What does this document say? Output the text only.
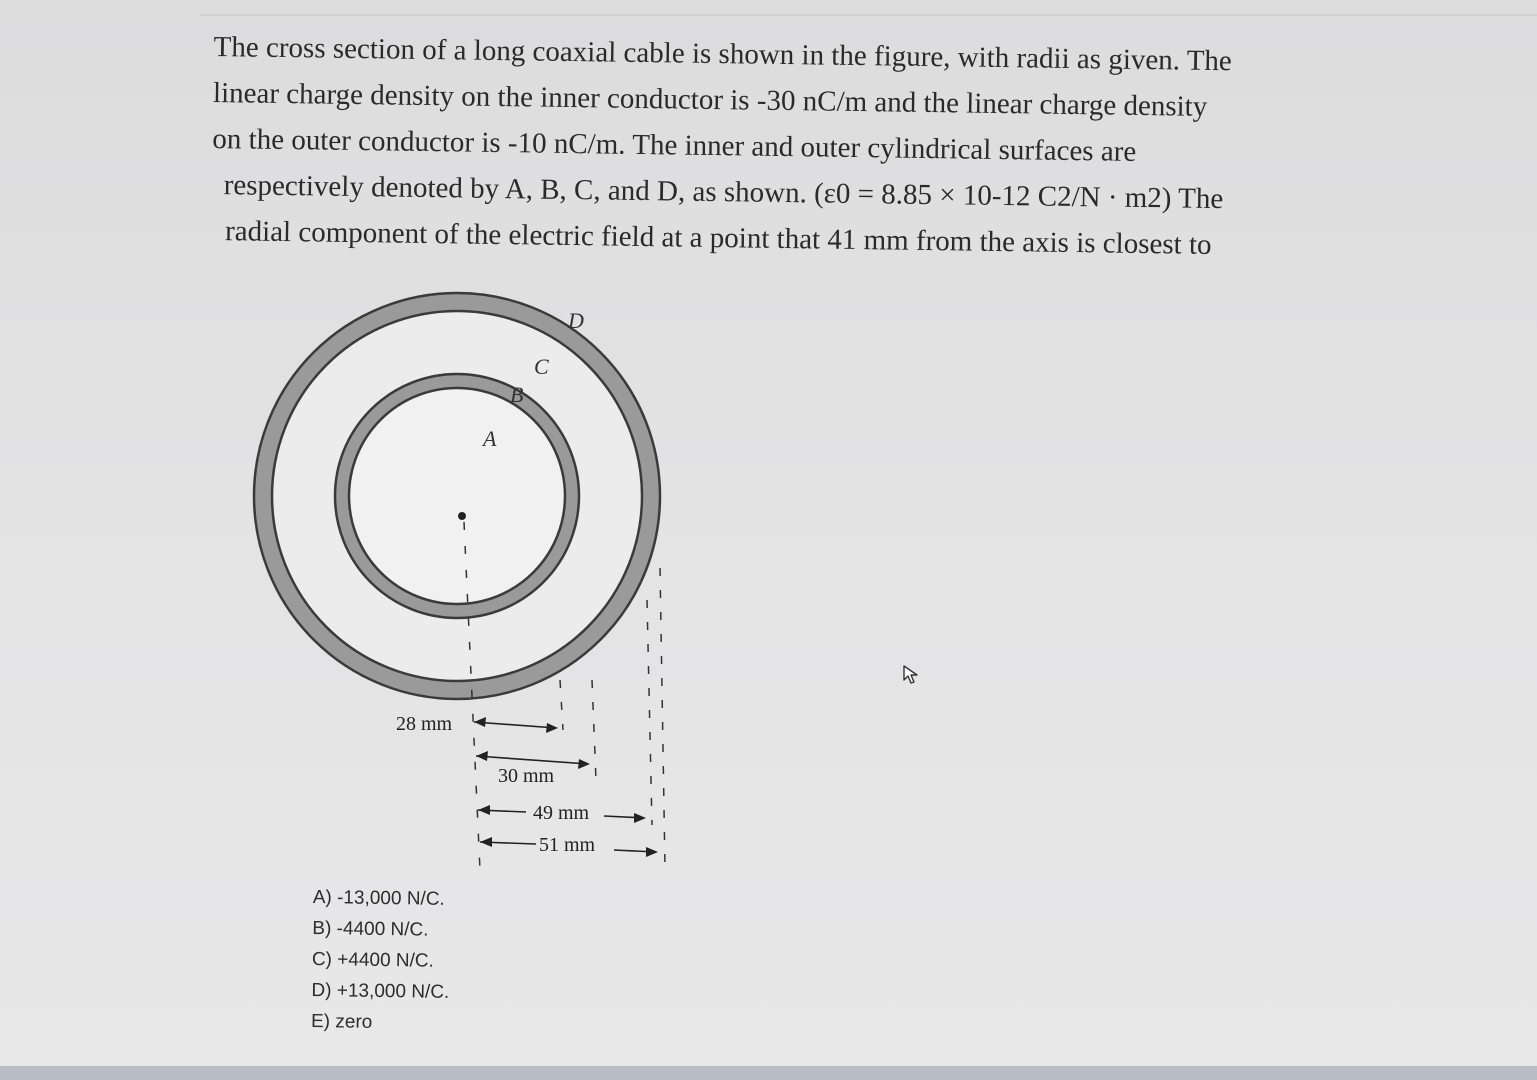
The cross section of a long coaxial cable is shown in the figure, with radii as given. The

linear charge density on the inner conductor is -30 nC/m and the linear charge density

on the outer conductor is -10 nC/m. The inner and outer cylindrical surfaces are

respectively denoted by A, B, C, and D, as shown. (ε0 = 8.85 × 10-12 C2/N · m2) The

radial component of the electric field at a point that 41 mm from the axis is closest to

A
B
C
D
28 mm
30 mm
49 mm
51 mm
A) -13,000 N/C.
B) -4400 N/C.
C) +4400 N/C.
D) +13,000 N/C.
E) zero
